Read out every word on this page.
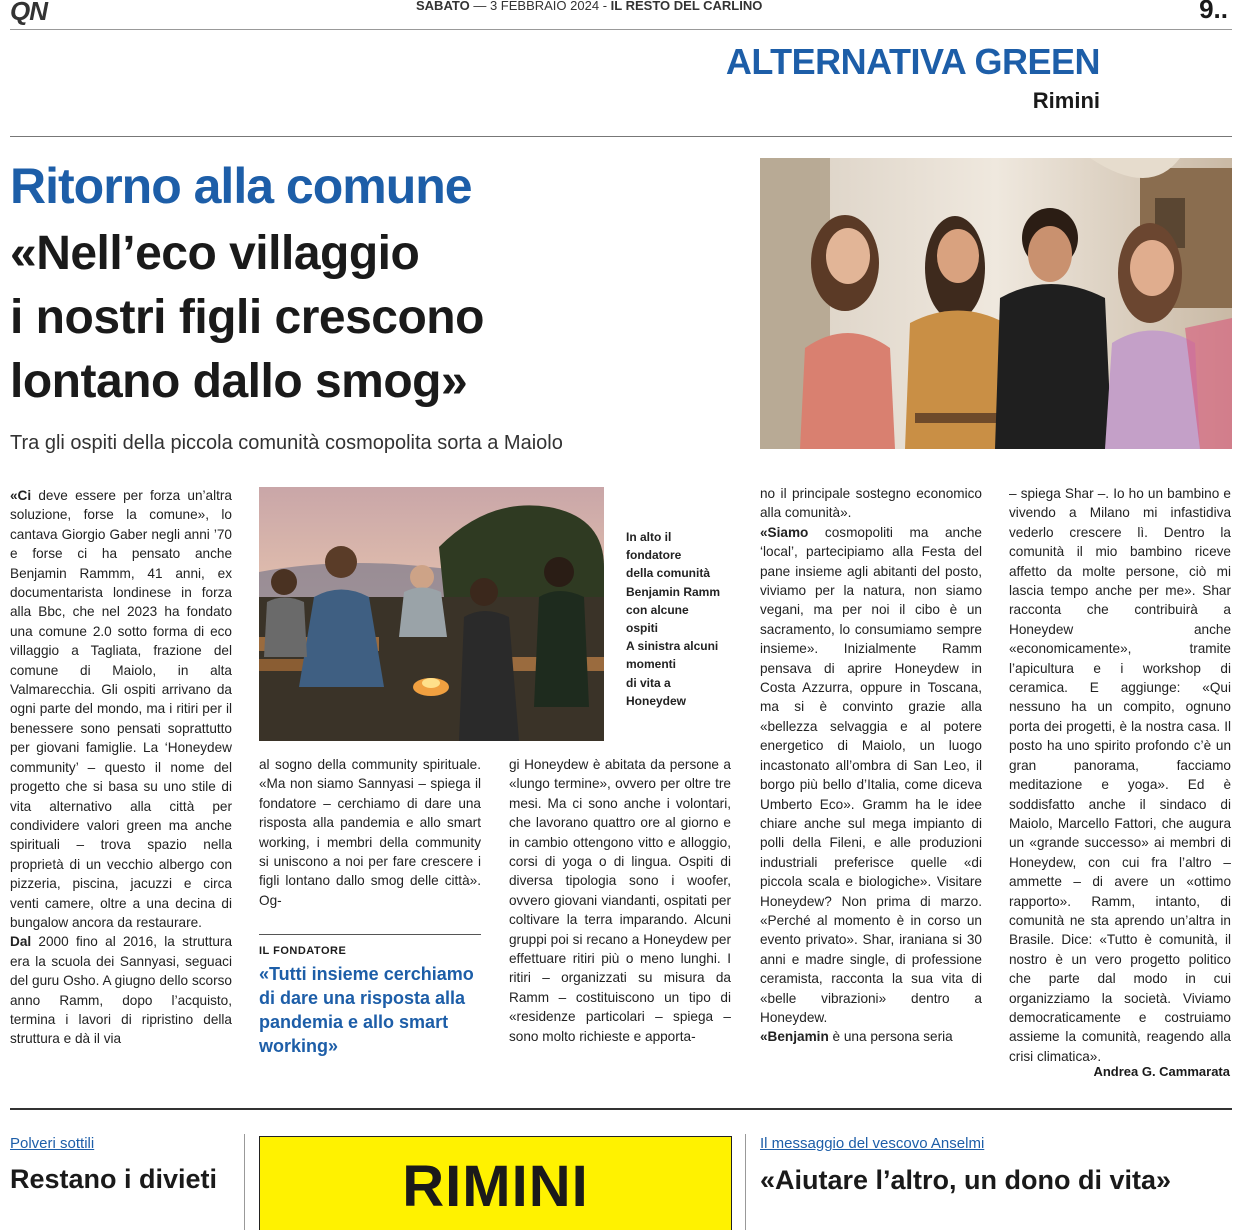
QN	SABATO — 3 FEBBRAIO 2024 - IL RESTO DEL CARLINO	9..
ALTERNATIVA GREEN
Rimini
Ritorno alla comune
«Nell’eco villaggio
i nostri figli crescono
lontano dallo smog»
Tra gli ospiti della piccola comunità cosmopolita sorta a Maiolo
In alto il
fondatore
della comunità
Benjamin Ramm
con alcune
ospiti
A sinistra alcuni
momenti
di vita a
Honeydew
«Ci deve essere per forza un’altra soluzione, forse la comune», lo cantava Giorgio Gaber negli anni ’70 e forse ci ha pensato anche Benjamin Rammm, 41 anni, ex documentarista londinese in forza alla Bbc, che nel 2023 ha fondato una comune 2.0 sotto forma di eco villaggio a Tagliata, frazione del comune di Maiolo, in alta Valmarecchia. Gli ospiti arrivano da ogni parte del mondo, ma i ritiri per il benessere sono pensati soprattutto per giovani famiglie. La ‘Honeydew community’ – questo il nome del progetto che si basa su uno stile di vita alternativo alla città per condividere valori green ma anche spirituali – trova spazio nella proprietà di un vecchio albergo con pizzeria, piscina, jacuzzi e circa venti camere, oltre a una decina di bungalow ancora da restaurare.
Dal 2000 fino al 2016, la struttura era la scuola dei Sannyasi, seguaci del guru Osho. A giugno dello scorso anno Ramm, dopo l’acquisto, termina i lavori di ripristino della struttura e dà il via
al sogno della community spirituale. «Ma non siamo Sannyasi – spiega il fondatore – cerchiamo di dare una risposta alla pandemia e allo smart working, i membri della community si uniscono a noi per fare crescere i figli lontano dallo smog delle città». Og-
IL FONDATORE
«Tutti insieme cerchiamo di dare una risposta alla pandemia e allo smart working»
gi Honeydew è abitata da persone a «lungo termine», ovvero per oltre tre mesi. Ma ci sono anche i volontari, che lavorano quattro ore al giorno e in cambio ottengono vitto e alloggio, corsi di yoga o di lingua. Ospiti di diversa tipologia sono i woofer, ovvero giovani viandanti, ospitati per coltivare la terra imparando. Alcuni gruppi poi si recano a Honeydew per effettuare ritiri più o meno lunghi. I ritiri – organizzati su misura da Ramm – costituiscono un tipo di «residenze particolari – spiega – sono molto richieste e apporta-
no il principale sostegno economico alla comunità».
«Siamo cosmopoliti ma anche ‘local’, partecipiamo alla Festa del pane insieme agli abitanti del posto, viviamo per la natura, non siamo vegani, ma per noi il cibo è un sacramento, lo consumiamo sempre insieme». Inizialmente Ramm pensava di aprire Honeydew in Costa Azzurra, oppure in Toscana, ma si è convinto grazie alla «bellezza selvaggia e al potere energetico di Maiolo, un luogo incastonato all’ombra di San Leo, il borgo più bello d’Italia, come diceva Umberto Eco». Gramm ha le idee chiare anche sul mega impianto di polli della Fileni, e alle produzioni industriali preferisce quelle «di piccola scala e biologiche». Visitare Honeydew? Non prima di marzo. «Perché al momento è in corso un evento privato». Shar, iraniana si 30 anni e madre single, di professione ceramista, racconta la sua vita di «belle vibrazioni» dentro a Honeydew.
«Benjamin è una persona seria
– spiega Shar –. Io ho un bambino e vivendo a Milano mi infastidiva vederlo crescere lì. Dentro la comunità il mio bambino riceve affetto da molte persone, ciò mi lascia tempo anche per me». Shar racconta che contribuirà a Honeydew anche «economicamente», tramite l’apicultura e i workshop di ceramica. E aggiunge: «Qui nessuno ha un compito, ognuno porta dei progetti, è la nostra casa. Il posto ha uno spirito profondo c’è un gran panorama, facciamo meditazione e yoga». Ed è soddisfatto anche il sindaco di Maiolo, Marcello Fattori, che augura un «grande successo» ai membri di Honeydew, con cui fra l’altro – ammette – di avere un «ottimo rapporto». Ramm, intanto, di comunità ne sta aprendo un’altra in Brasile. Dice: «Tutto è comunità, il nostro è un vero progetto politico che parte dal modo in cui organizziamo la società. Viviamo democraticamente e costruiamo assieme la comunità, reagendo alla crisi climatica».
Andrea G. Cammarata
Polveri sottili
Restano i divieti	RIMINI
Il messaggio del vescovo Anselmi
«Aiutare l’altro, un dono di vita»
